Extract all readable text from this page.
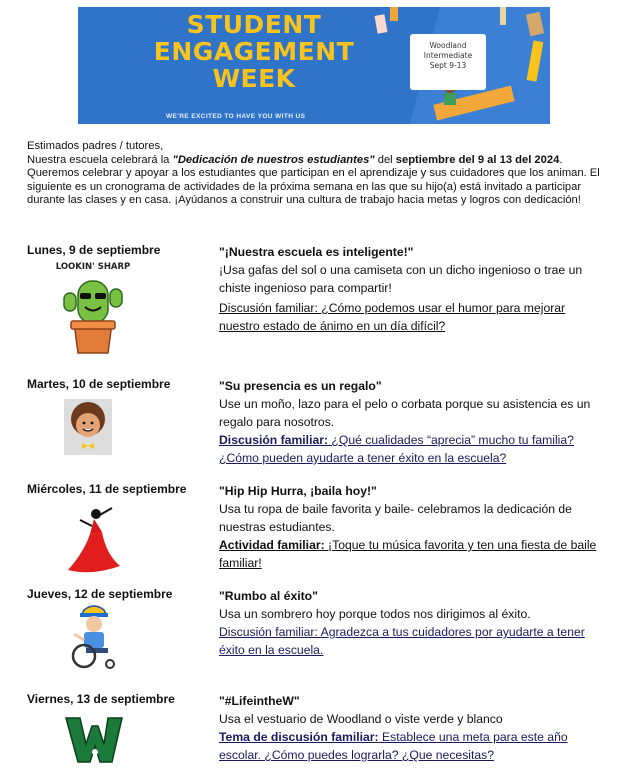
STUDENT
ENGAGEMENT
WEEK
WE'RE EXCITED TO HAVE YOU WITH US
Woodland
Intermediate
Sept 9-13

Estimados padres / tutores,

Nuestra escuela celebrará la "Dedicación de nuestros estudiantes" del septiembre del 9 al 13 del 2024.

Queremos celebrar y apoyar a los estudiantes que participan en el aprendizaje y sus cuidadores que los animan. El siguiente es un cronograma de actividades de la próxima semana en las que su hijo(a) está invitado a participar durante las clases y en casa. ¡Ayúdanos a construir una cultura de trabajo hacia metas y logros con dedicación!

Lunes, 9 de septiembre	"¡Nuestra escuela es inteligente!"
¡Usa gafas del sol o una camiseta con un dicho ingenioso o trae un chiste ingenioso para compartir!
Discusión familiar: ¿Cómo podemos usar el humor para mejorar nuestro estado de ánimo en un día difícil?
LOOKIN' SHARP
Martes, 10 de septiembre	"Su presencia es un regalo"
Use un moño, lazo para el pelo o corbata porque su asistencia es un regalo para nosotros.
Discusión familiar: ¿Qué cualidades “aprecia” mucho tu familia? ¿Cómo pueden ayudarte a tener éxito en la escuela?
Miércoles, 11 de septiembre	"Hip Hip Hurra, ¡baila hoy!"
Usa tu ropa de baile favorita y baile- celebramos la dedicación de nuestras estudiantes.
Actividad familiar: ¡Toque tu música favorita y ten una fiesta de baile familiar!
Jueves, 12 de septiembre	"Rumbo al éxito"
Usa un sombrero hoy porque todos nos dirigimos al éxito.
Discusión familiar: Agradezca a tus cuidadores por ayudarte a tener éxito en la escuela.
Viernes, 13 de septiembre	"#LifeintheW"
Usa el vestuario de Woodland o viste verde y blanco
Tema de discusión familiar: Establece una meta para este año escolar. ¿Cómo puedes lograrla? ¿Que necesitas?
